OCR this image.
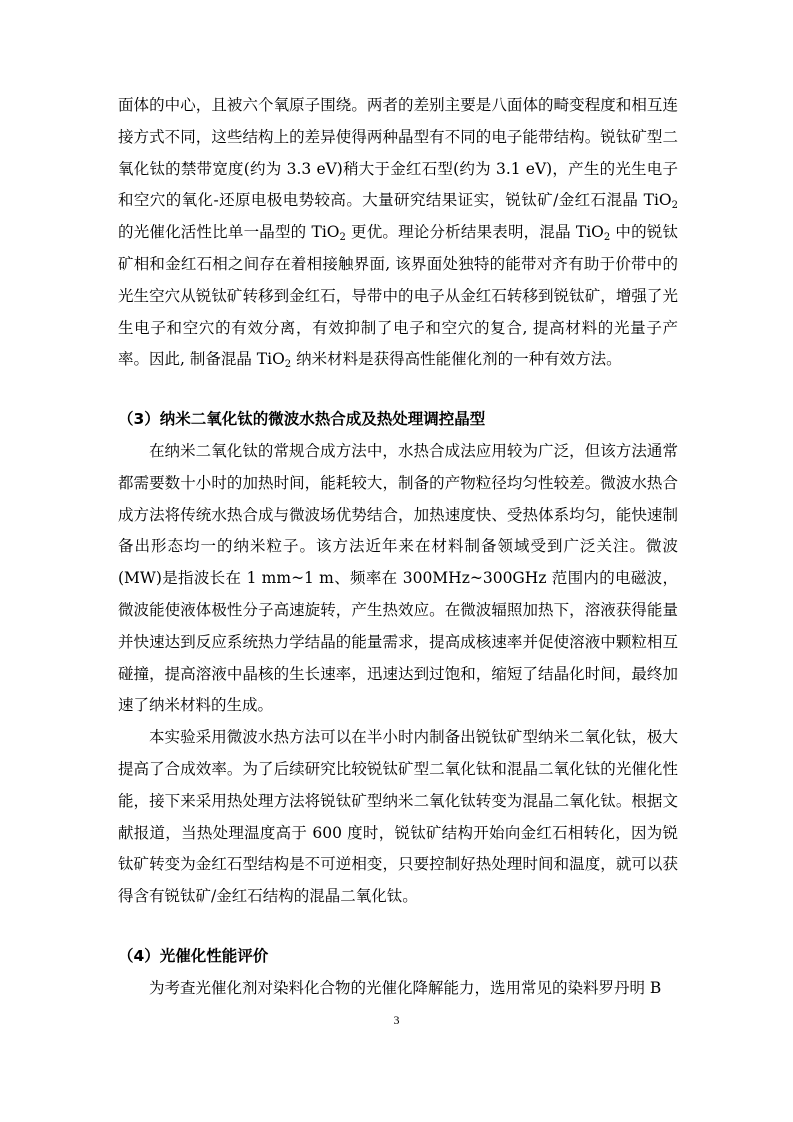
面体的中心，且被六个氧原子围绕。两者的差别主要是八面体的畸变程度和相互连接方式不同，这些结构上的差异使得两种晶型有不同的电子能带结构。锐钛矿型二氧化钛的禁带宽度(约为 3.3 eV)稍大于金红石型(约为 3.1 eV)，产生的光生电子和空穴的氧化-还原电极电势较高。大量研究结果证实，锐钛矿/金红石混晶 TiO$_2$ 的光催化活性比单一晶型的 TiO$_2$ 更优。理论分析结果表明，混晶 TiO$_2$ 中的锐钛矿相和金红石相之间存在着相接触界面, 该界面处独特的能带对齐有助于价带中的光生空穴从锐钛矿转移到金红石，导带中的电子从金红石转移到锐钛矿，增强了光生电子和空穴的有效分离，有效抑制了电子和空穴的复合, 提高材料的光量子产率。因此, 制备混晶 TiO$_2$ 纳米材料是获得高性能催化剂的一种有效方法。

（3）纳米二氧化钛的微波水热合成及热处理调控晶型

在纳米二氧化钛的常规合成方法中，水热合成法应用较为广泛，但该方法通常都需要数十小时的加热时间，能耗较大，制备的产物粒径均匀性较差。微波水热合成方法将传统水热合成与微波场优势结合，加热速度快、受热体系均匀，能快速制备出形态均一的纳米粒子。该方法近年来在材料制备领域受到广泛关注。微波(MW)是指波长在 1 mm~1 m、频率在 300MHz~300GHz 范围内的电磁波，微波能使液体极性分子高速旋转，产生热效应。在微波辐照加热下，溶液获得能量并快速达到反应系统热力学结晶的能量需求，提高成核速率并促使溶液中颗粒相互碰撞，提高溶液中晶核的生长速率，迅速达到过饱和，缩短了结晶化时间，最终加速了纳米材料的生成。

本实验采用微波水热方法可以在半小时内制备出锐钛矿型纳米二氧化钛，极大提高了合成效率。为了后续研究比较锐钛矿型二氧化钛和混晶二氧化钛的光催化性能，接下来采用热处理方法将锐钛矿型纳米二氧化钛转变为混晶二氧化钛。根据文献报道，当热处理温度高于 600 度时，锐钛矿结构开始向金红石相转化，因为锐钛矿转变为金红石型结构是不可逆相变，只要控制好热处理时间和温度，就可以获得含有锐钛矿/金红石结构的混晶二氧化钛。

（4）光催化性能评价

为考查光催化剂对染料化合物的光催化降解能力，选用常见的染料罗丹明 B

3
